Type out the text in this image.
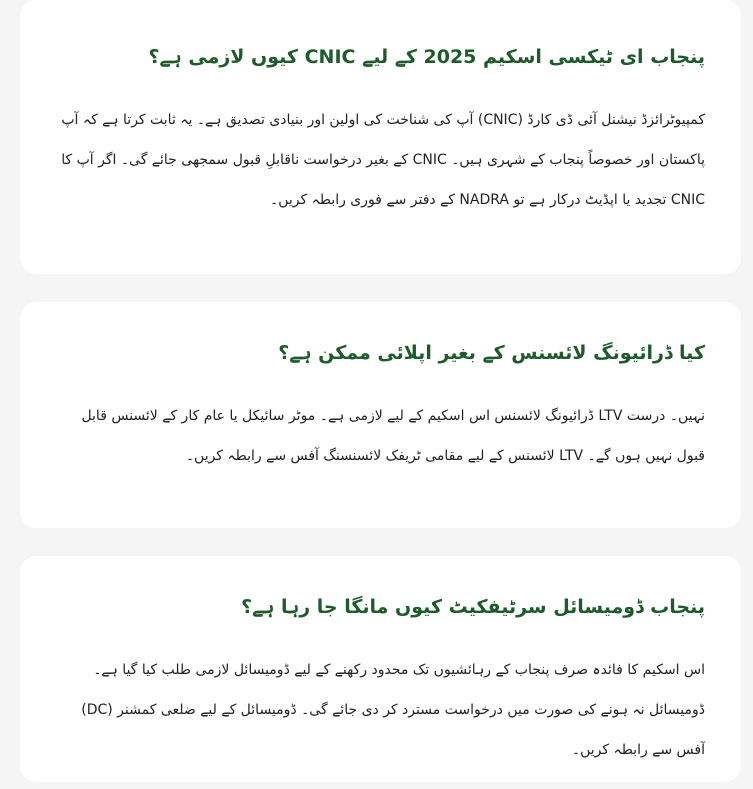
پنجاب ای ٹیکسی اسکیم 2025 کے لیے CNIC کیوں لازمی ہے؟

کمپیوٹرائزڈ نیشنل آئی ڈی کارڈ (CNIC) آپ کی شناخت کی اولین اور بنیادی تصدیق ہے۔ یہ ثابت کرتا ہے کہ آپ پاکستان اور خصوصاً پنجاب کے شہری ہیں۔ CNIC کے بغیر درخواست ناقابلِ قبول سمجھی جائے گی۔ اگر آپ کا CNIC تجدید یا اپڈیٹ درکار ہے تو NADRA کے دفتر سے فوری رابطہ کریں۔

کیا ڈرائیونگ لائسنس کے بغیر اپلائی ممکن ہے؟

نہیں۔ درست LTV ڈرائیونگ لائسنس اس اسکیم کے لیے لازمی ہے۔ موٹر سائیکل یا عام کار کے لائسنس قابل قبول نہیں ہوں گے۔ LTV لائسنس کے لیے مقامی ٹریفک لائسنسنگ آفس سے رابطہ کریں۔

پنجاب ڈومیسائل سرٹیفکیٹ کیوں مانگا جا رہا ہے؟

اس اسکیم کا فائدہ صرف پنجاب کے رہائشیوں تک محدود رکھنے کے لیے ڈومیسائل لازمی طلب کیا گیا ہے۔ ڈومیسائل نہ ہونے کی صورت میں درخواست مسترد کر دی جائے گی۔ ڈومیسائل کے لیے ضلعی کمشنر (DC) آفس سے رابطہ کریں۔
